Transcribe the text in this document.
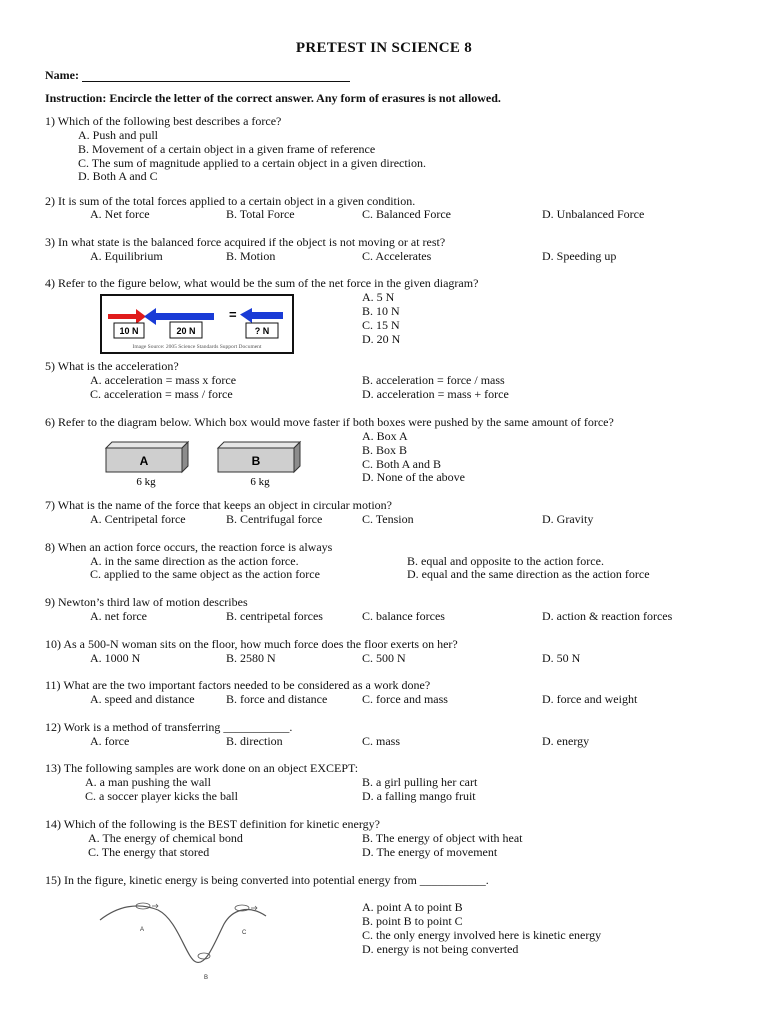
PRETEST IN SCIENCE 8
Name:
Instruction: Encircle the letter of the correct answer. Any form of erasures is not allowed.
1) Which of the following best describes a force?
A. Push and pull
B. Movement of a certain object in a given frame of reference
C. The sum of magnitude applied to a certain object in a given direction.
D. Both A and C
2) It is sum of the total forces applied to a certain object in a given condition.
A. Net force	B. Total Force	C. Balanced Force	D. Unbalanced Force
3) In what state is the balanced force acquired if the object is not moving or at rest?
A. Equilibrium	B. Motion	C. Accelerates	D. Speeding up
4) Refer to the figure below, what would be the sum of the net force in the given diagram?
A. 5 N
B. 10 N
C. 15 N
D. 20 N
=
10 N	20 N	? N
Image Source: 2005 Science Standards Support Document
5) What is the acceleration?
A. acceleration = mass x force	B. acceleration = force / mass
C. acceleration = mass / force	D. acceleration = mass + force
6) Refer to the diagram below. Which box would move faster if both boxes were pushed by the same amount of force?
A. Box A
B. Box B
C. Both A and B
D. None of the above
A	B
6 kg	6 kg
7) What is the name of the force that keeps an object in circular motion?
A. Centripetal force	B. Centrifugal force	C. Tension	D. Gravity
8) When an action force occurs, the reaction force is always
A. in the same direction as the action force.	B. equal and opposite to the action force.
C. applied to the same object as the action force	D. equal and the same direction as the action force
9) Newton’s third law of motion describes
A. net force	B. centripetal forces	C. balance forces	D. action & reaction forces
10) As a 500-N woman sits on the floor, how much force does the floor exerts on her?
A. 1000 N	B. 2580 N	C. 500 N	D. 50 N
11) What are the two important factors needed to be considered as a work done?
A. speed and distance	B. force and distance	C. force and mass	D. force and weight
12) Work is a method of transferring ___________.
A. force	B. direction	C. mass	D. energy
13) The following samples are work done on an object EXCEPT:
A. a man pushing the wall	B. a girl pulling her cart
C. a soccer player kicks the ball	D. a falling mango fruit
14) Which of the following is the BEST definition for kinetic energy?
A. The energy of chemical bond	B. The energy of object with heat
C. The energy that stored	D. The energy of movement
15) In the figure, kinetic energy is being converted into potential energy from ___________.
A. point A to point B
B. point B to point C
C. the only energy involved here is kinetic energy
D. energy is not being converted
A
B
C
